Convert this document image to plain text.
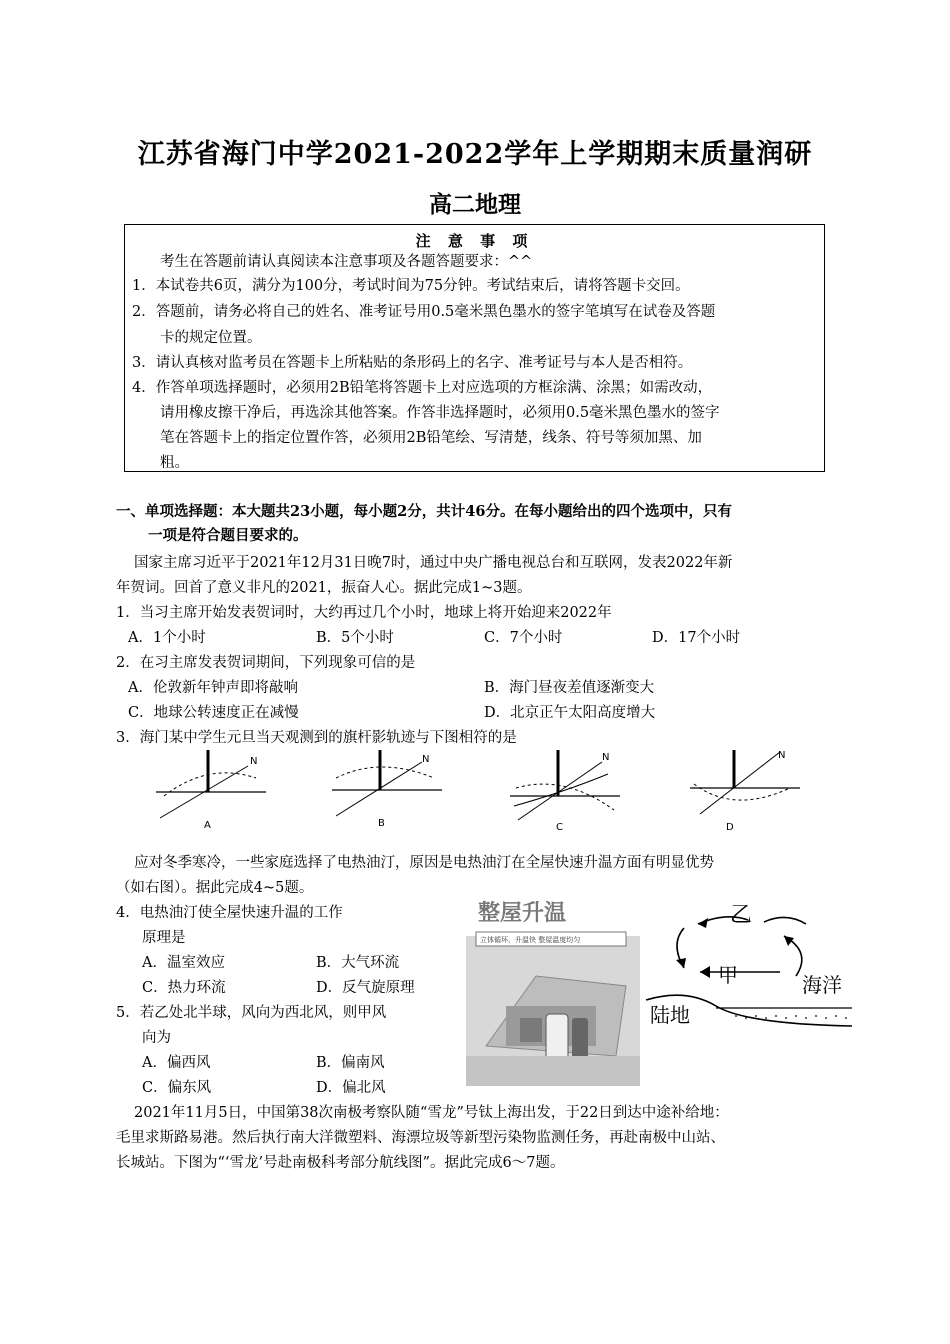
江苏省海门中学2021-2022学年上学期期末质量润研
高二地理
注 意 事 项
考生在答题前请认真阅读本注意事项及各题答题要求：^^
1．本试卷共6页，满分为100分，考试时间为75分钟。考试结束后，请将答题卡交回。
2．答题前，请务必将自己的姓名、准考证号用0.5毫米黑色墨水的签字笔填写在试卷及答题
卡的规定位置。
3．请认真核对监考员在答题卡上所粘贴的条形码上的名字、准考证号与本人是否相符。
4．作答单项选择题时，必须用2B铅笔将答题卡上对应选项的方框涂满、涂黑；如需改动，
请用橡皮擦干净后，再选涂其他答案。作答非选择题时，必须用0.5毫米黑色墨水的签字
笔在答题卡上的指定位置作答，必须用2B铅笔绘、写清楚，线条、符号等须加黑、加
粗。
一、单项选择题：本大题共23小题，每小题2分，共计46分。在每小题给出的四个选项中，只有
一项是符合题目要求的。
国家主席习近平于2021年12月31日晚7时，通过中央广播电视总台和互联网，发表2022年新
年贺词。回首了意义非凡的2021，振奋人心。据此完成1~3题。
1．当习主席开始发表贺词时，大约再过几个小时，地球上将开始迎来2022年
A．1个小时	B．5个小时	C．7个小时	D．17个小时
2．在习主席发表贺词期间，下列现象可信的是
A．伦敦新年钟声即将敲响	B．海门昼夜差值逐渐变大
C．地球公转速度正在减慢	D．北京正午太阳高度增大
3．海门某中学生元旦当天观测到的旗杆影轨迹与下图相符的是
N
A
N
B
N
C
N
D
应对冬季寒冷，一些家庭选择了电热油汀，原因是电热油汀在全屋快速升温方面有明显优势
（如右图）。据此完成4~5题。
4．电热油汀使全屋快速升温的工作
原理是
A．温室效应	B．大气环流
C．热力环流	D．反气旋原理
5．若乙处北半球，风向为西北风，则甲风
向为
A．偏西风	B．偏南风
C．偏东风	D．偏北风
整屋升温
立体循环，升温快 整屋温度均匀
乙
甲
陆地
海洋
2021年11月5日，中国第38次南极考察队随“雪龙”号钛上海出发，于22日到达中途补给地：
毛里求斯路易港。然后执行南大洋微塑料、海漂垃圾等新型污染物监测任务，再赴南极中山站、
长城站。下图为“‘雪龙’号赴南极科考部分航线图”。据此完成6～7题。
